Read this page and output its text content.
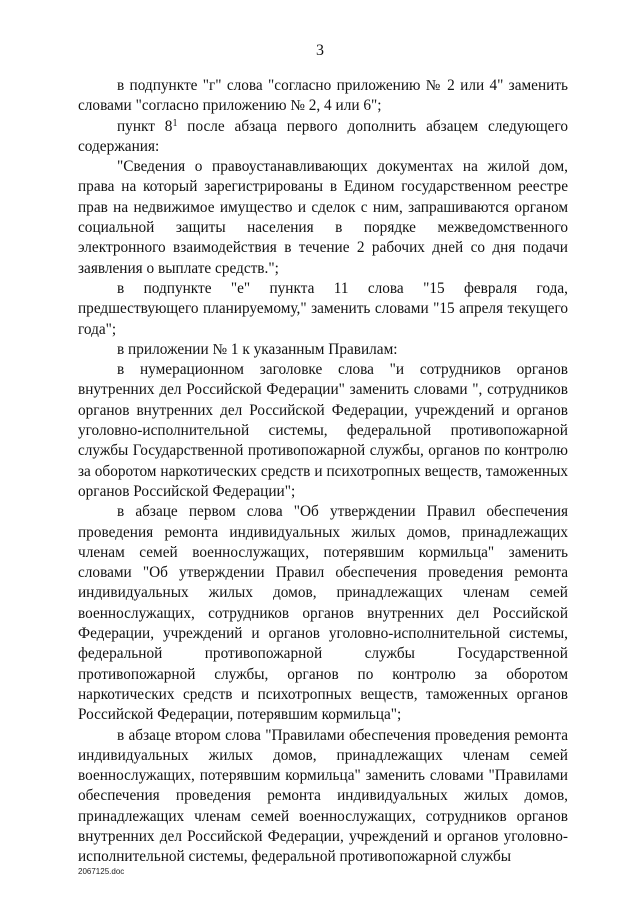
3

в подпункте "г" слова "согласно приложению № 2 или 4" заменить словами "согласно приложению № 2, 4 или 6";

пункт $8^1$ после абзаца первого дополнить абзацем следующего содержания:

"Сведения о правоустанавливающих документах на жилой дом, права на который зарегистрированы в Едином государственном реестре прав на недвижимое имущество и сделок с ним, запрашиваются органом социальной защиты населения в порядке межведомственного электронного взаимодействия в течение 2 рабочих дней со дня подачи заявления о выплате средств.";

в подпункте "е" пункта 11 слова "15 февраля года, предшествующего планируемому," заменить словами "15 апреля текущего года";

в приложении № 1 к указанным Правилам:

в нумерационном заголовке слова "и сотрудников органов внутренних дел Российской Федерации" заменить словами ", сотрудников органов внутренних дел Российской Федерации, учреждений и органов уголовно-исполнительной системы, федеральной противопожарной службы Государственной противопожарной службы, органов по контролю за оборотом наркотических средств и психотропных веществ, таможенных органов Российской Федерации";

в абзаце первом слова "Об утверждении Правил обеспечения проведения ремонта индивидуальных жилых домов, принадлежащих членам семей военнослужащих, потерявшим кормильца" заменить словами "Об утверждении Правил обеспечения проведения ремонта индивидуальных жилых домов, принадлежащих членам семей военнослужащих, сотрудников органов внутренних дел Российской Федерации, учреждений и органов уголовно-исполнительной системы, федеральной противопожарной службы Государственной противопожарной службы, органов по контролю за оборотом наркотических средств и психотропных веществ, таможенных органов Российской Федерации, потерявшим кормильца";

в абзаце втором слова "Правилами обеспечения проведения ремонта индивидуальных жилых домов, принадлежащих членам семей военнослужащих, потерявшим кормильца" заменить словами "Правилами обеспечения проведения ремонта индивидуальных жилых домов, принадлежащих членам семей военнослужащих, сотрудников органов внутренних дел Российской Федерации, учреждений и органов уголовно-исполнительной системы, федеральной противопожарной службы

2067125.doc
